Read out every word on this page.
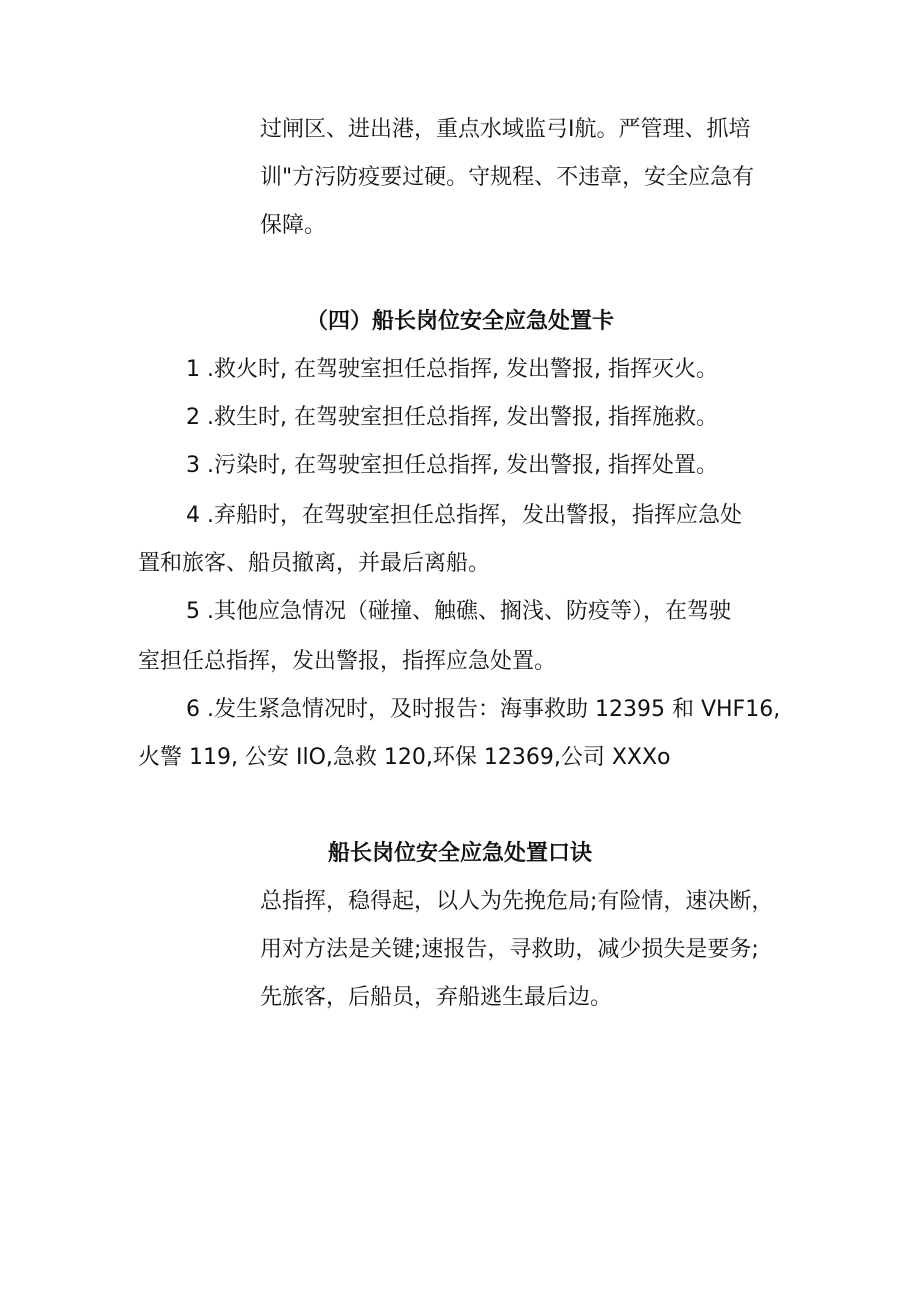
过闸区、进出港，重点水域监弓I航。严管理、抓培
训"方污防疫要过硬。守规程、不违章，安全应急有
保障。
（四）船长岗位安全应急处置卡
1 .救火时, 在驾驶室担任总指挥, 发出警报, 指挥灭火。
2 .救生时, 在驾驶室担任总指挥, 发出警报, 指挥施救。
3 .污染时, 在驾驶室担任总指挥, 发出警报, 指挥处置。
4 .弃船时，在驾驶室担任总指挥，发出警报，指挥应急处
置和旅客、船员撤离，并最后离船。
5 .其他应急情况（碰撞、触礁、搁浅、防疫等），在驾驶
室担任总指挥，发出警报，指挥应急处置。
6 .发生紧急情况时，及时报告：海事救助 12395 和 VHF16,
火警 119, 公安 IlO,急救 120,环保 12369,公司 XXXo
船长岗位安全应急处置口诀
总指挥，稳得起，以人为先挽危局;有险情，速决断，
用对方法是关键;速报告，寻救助，减少损失是要务;
先旅客，后船员，弃船逃生最后边。
